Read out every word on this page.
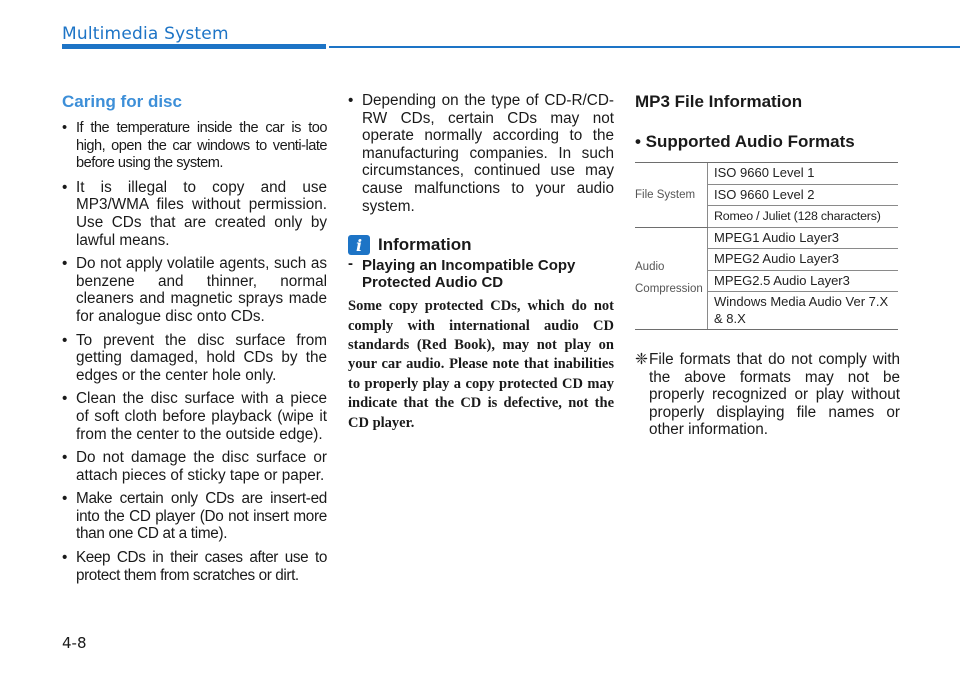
Multimedia System
Caring for disc
• If the temperature inside the car is too high, open the car windows to venti-late before using the system.
• It is illegal to copy and use MP3/WMA files without permission. Use CDs that are created only by lawful means.
• Do not apply volatile agents, such as benzene and thinner, normal cleaners and magnetic sprays made for analogue disc onto CDs.
• To prevent the disc surface from getting damaged, hold CDs by the edges or the center hole only.
• Clean the disc surface with a piece of soft cloth before playback (wipe it from the center to the outside edge).
• Do not damage the disc surface or attach pieces of sticky tape or paper.
• Make certain only CDs are insert-ed into the CD player (Do not insert more than one CD at a time).
• Keep CDs in their cases after use to protect them from scratches or dirt.
• Depending on the type of CD-R/CD-RW CDs, certain CDs may not operate normally according to the manufacturing companies. In such circumstances, continued use may cause malfunctions to your audio system.
i Information
- Playing an Incompatible Copy Protected Audio CD
Some copy protected CDs, which do not comply with international audio CD standards (Red Book), may not play on your car audio. Please note that inabilities to properly play a copy protected CD may indicate that the CD is defective, not the CD player.
MP3 File Information
• Supported Audio Formats
File System	ISO 9660 Level 1
	ISO 9660 Level 2
	Romeo / Juliet (128 characters)

Audio
Compression	MPEG1 Audio Layer3
	MPEG2 Audio Layer3
	MPEG2.5 Audio Layer3
	Windows Media Audio Ver 7.X & 8.X
❈ File formats that do not comply with the above formats may not be properly recognized or play without properly displaying file names or other information.
4-8
